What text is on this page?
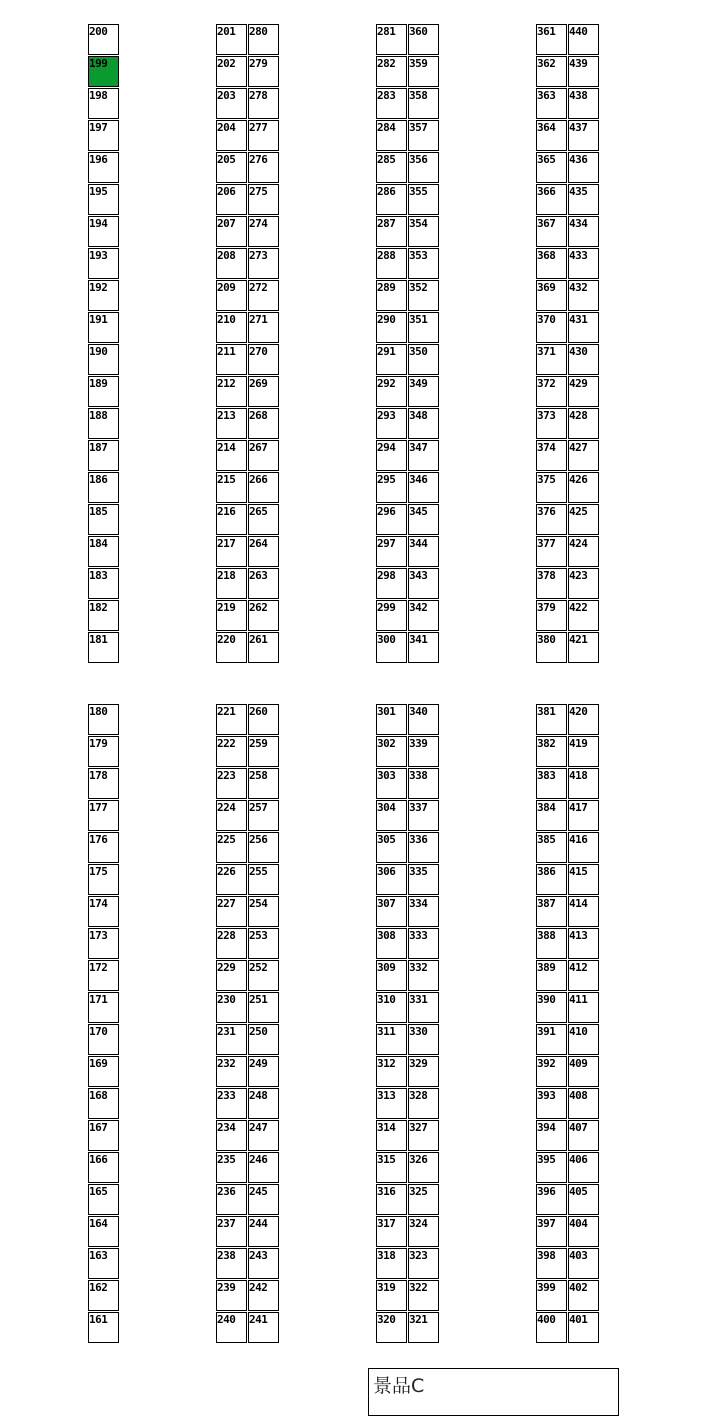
200
199
198
197
196
195
194
193
192
191
190
189
188
187
186
185
184
183
182
181
201
202
203
204
205
206
207
208
209
210
211
212
213
214
215
216
217
218
219
220
280
279
278
277
276
275
274
273
272
271
270
269
268
267
266
265
264
263
262
261
281
282
283
284
285
286
287
288
289
290
291
292
293
294
295
296
297
298
299
300
360
359
358
357
356
355
354
353
352
351
350
349
348
347
346
345
344
343
342
341
361
362
363
364
365
366
367
368
369
370
371
372
373
374
375
376
377
378
379
380
440
439
438
437
436
435
434
433
432
431
430
429
428
427
426
425
424
423
422
421
180
179
178
177
176
175
174
173
172
171
170
169
168
167
166
165
164
163
162
161
221
222
223
224
225
226
227
228
229
230
231
232
233
234
235
236
237
238
239
240
260
259
258
257
256
255
254
253
252
251
250
249
248
247
246
245
244
243
242
241
301
302
303
304
305
306
307
308
309
310
311
312
313
314
315
316
317
318
319
320
340
339
338
337
336
335
334
333
332
331
330
329
328
327
326
325
324
323
322
321
381
382
383
384
385
386
387
388
389
390
391
392
393
394
395
396
397
398
399
400
420
419
418
417
416
415
414
413
412
411
410
409
408
407
406
405
404
403
402
401
景品C
